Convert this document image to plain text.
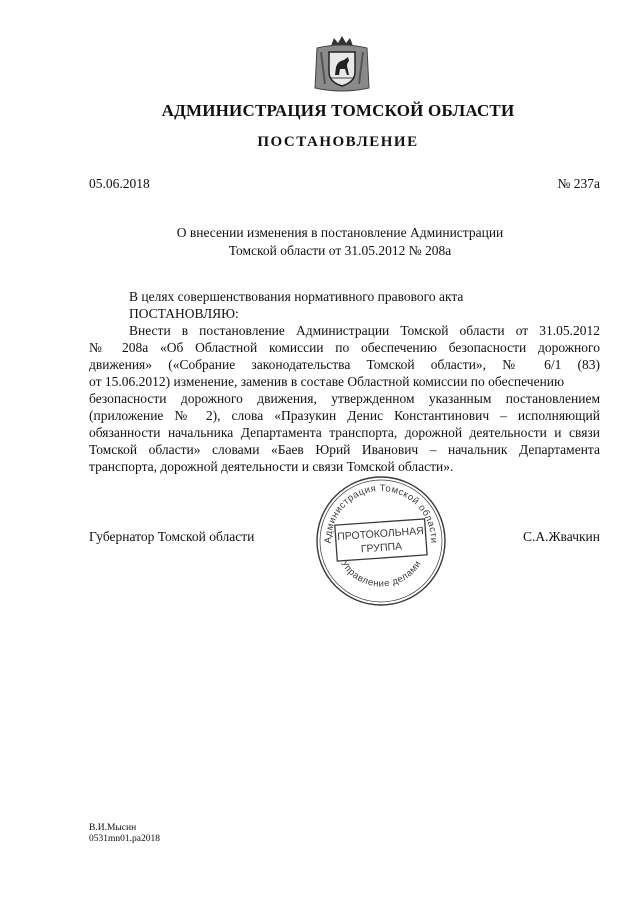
АДМИНИСТРАЦИЯ ТОМСКОЙ ОБЛАСТИ
ПОСТАНОВЛЕНИЕ
05.06.2018	№ 237а
О внесении изменения в постановление Администрации
Томской области от 31.05.2012 № 208а
В целях совершенствования нормативного правового акта
ПОСТАНОВЛЯЮ:
Внести в постановление Администрации Томской области от 31.05.2012
№ 208а «Об Областной комиссии по обеспечению безопасности дорожного
движения» («Собрание законодательства Томской области», № 6/1 (83)
от 15.06.2012) изменение, заменив в составе Областной комиссии по обеспечению
безопасности дорожного движения, утвержденном указанным постановлением
(приложение № 2), слова «Празукин Денис Константинович – исполняющий
обязанности начальника Департамента транспорта, дорожной деятельности и связи
Томской области» словами «Баев Юрий Иванович – начальник Департамента
транспорта, дорожной деятельности и связи Томской области».
Губернатор Томской области	С.А.Жвачкин
Администрация Томской области
Управление делами
ПРОТОКОЛЬНАЯ
ГРУППА
В.И.Мысин
0531mn01.ра2018
